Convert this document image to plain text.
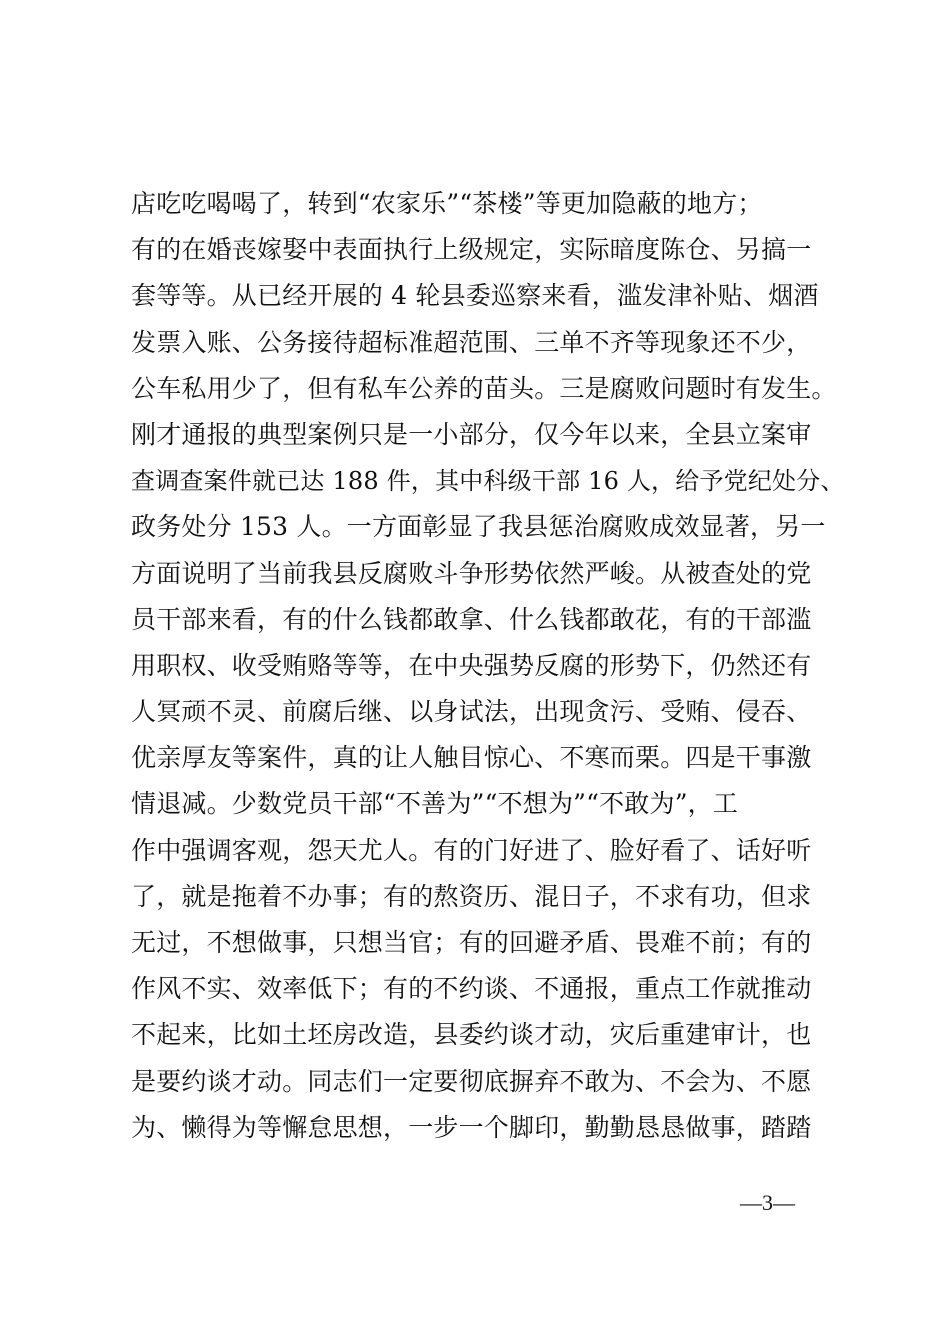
店吃吃喝喝了，转到“农家乐”“茶楼”等更加隐蔽的地方；
有的在婚丧嫁娶中表面执行上级规定，实际暗度陈仓、另搞一
套等等。从已经开展的 4 轮县委巡察来看，滥发津补贴、烟酒
发票入账、公务接待超标准超范围、三单不齐等现象还不少，
公车私用少了，但有私车公养的苗头。三是腐败问题时有发生。
刚才通报的典型案例只是一小部分，仅今年以来，全县立案审
查调查案件就已达 188 件，其中科级干部 16 人，给予党纪处分、
政务处分 153 人。一方面彰显了我县惩治腐败成效显著，另一
方面说明了当前我县反腐败斗争形势依然严峻。从被查处的党
员干部来看，有的什么钱都敢拿、什么钱都敢花，有的干部滥
用职权、收受贿赂等等，在中央强势反腐的形势下，仍然还有
人冥顽不灵、前腐后继、以身试法，出现贪污、受贿、侵吞、
优亲厚友等案件，真的让人触目惊心、不寒而栗。四是干事激
情退减。少数党员干部“不善为”“不想为”“不敢为”，工
作中强调客观，怨天尤人。有的门好进了、脸好看了、话好听
了，就是拖着不办事；有的熬资历、混日子，不求有功，但求
无过，不想做事，只想当官；有的回避矛盾、畏难不前；有的
作风不实、效率低下；有的不约谈、不通报，重点工作就推动
不起来，比如土坯房改造，县委约谈才动，灾后重建审计，也
是要约谈才动。同志们一定要彻底摒弃不敢为、不会为、不愿
为、懒得为等懈怠思想，一步一个脚印，勤勤恳恳做事，踏踏
—3—
